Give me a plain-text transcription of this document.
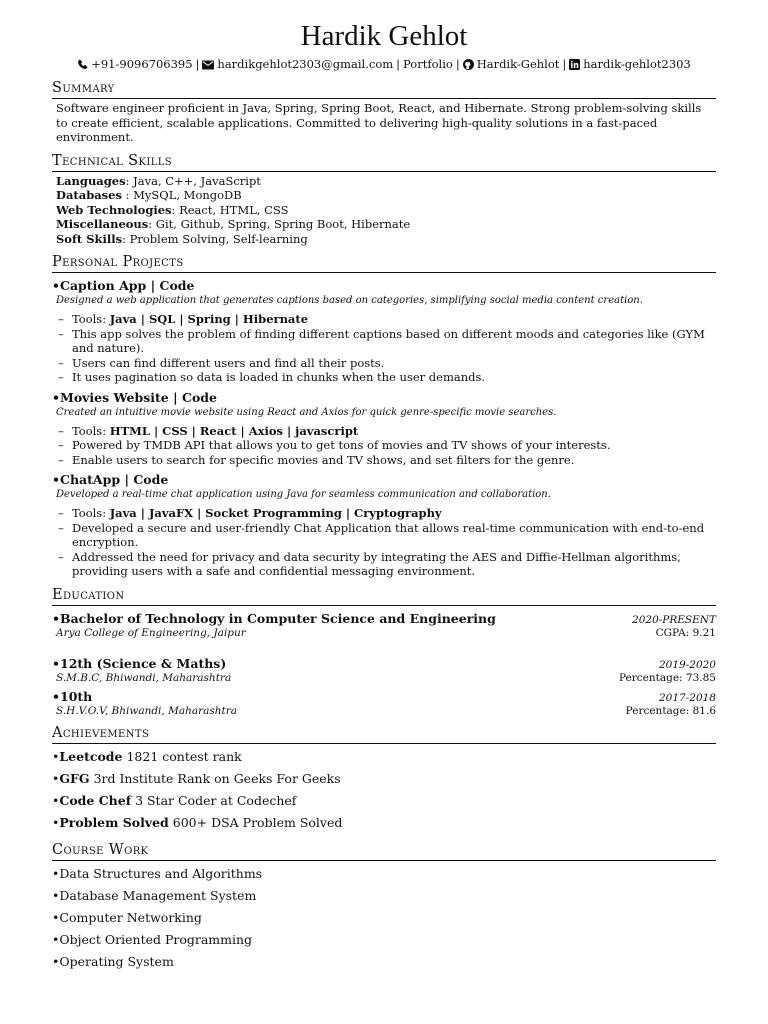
Hardik Gehlot
+91-9096706395 | hardikgehlot2303@gmail.com | Portfolio | Hardik-Gehlot | hardik-gehlot2303
Summary
Software engineer proficient in Java, Spring, Spring Boot, React, and Hibernate. Strong problem-solving skills to create efficient, scalable applications. Committed to delivering high-quality solutions in a fast-paced environment.
Technical Skills
Languages: Java, C++, JavaScript
Databases : MySQL, MongoDB
Web Technologies: React, HTML, CSS
Miscellaneous: Git, Github, Spring, Spring Boot, Hibernate
Soft Skills: Problem Solving, Self-learning
Personal Projects
•Caption App | Code
Designed a web application that generates captions based on categories, simplifying social media content creation.
– Tools: Java | SQL | Spring | Hibernate
– This app solves the problem of finding different captions based on different moods and categories like (GYM and nature).
– Users can find different users and find all their posts.
– It uses pagination so data is loaded in chunks when the user demands.
•Movies Website | Code
Created an intuitive movie website using React and Axios for quick genre-specific movie searches.
– Tools: HTML | CSS | React | Axios | javascript
– Powered by TMDB API that allows you to get tons of movies and TV shows of your interests.
– Enable users to search for specific movies and TV shows, and set filters for the genre.
•ChatApp | Code
Developed a real-time chat application using Java for seamless communication and collaboration.
– Tools: Java | JavaFX | Socket Programming | Cryptography
– Developed a secure and user-friendly Chat Application that allows real-time communication with end-to-end encryption.
– Addressed the need for privacy and data security by integrating the AES and Diffie-Hellman algorithms, providing users with a safe and confidential messaging environment.
Education
•Bachelor of Technology in Computer Science and Engineering	2020-PRESENT
Arya College of Engineering, Jaipur	CGPA: 9.21
•12th (Science & Maths)	2019-2020
S.M.B.C, Bhiwandi, Maharashtra	Percentage: 73.85
•10th	2017-2018
S.H.V.O.V, Bhiwandi, Maharashtra	Percentage: 81.6
Achievements
•Leetcode 1821 contest rank
•GFG 3rd Institute Rank on Geeks For Geeks
•Code Chef 3 Star Coder at Codechef
•Problem Solved 600+ DSA Problem Solved
Course Work
•Data Structures and Algorithms
•Database Management System
•Computer Networking
•Object Oriented Programming
•Operating System
